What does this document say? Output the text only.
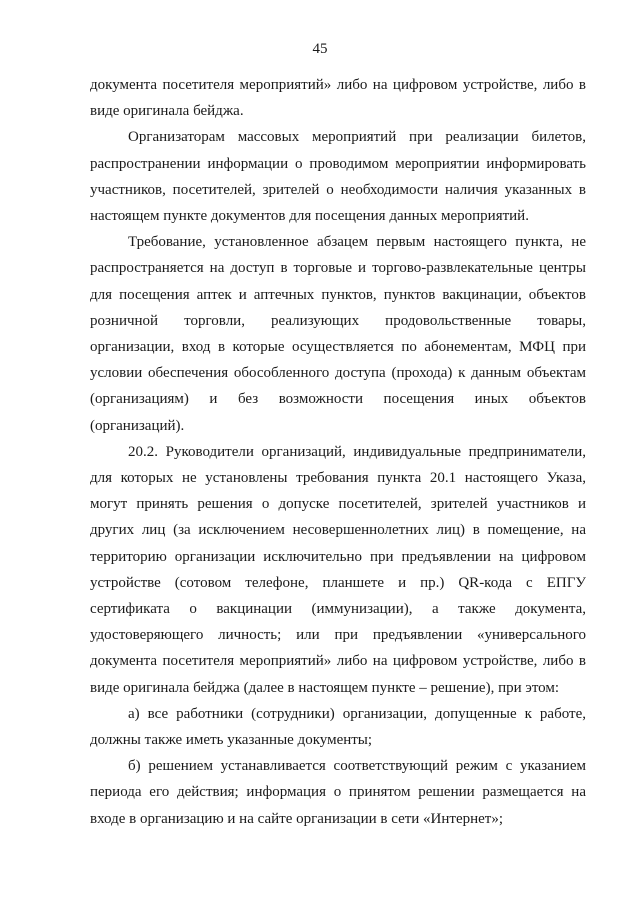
45

документа посетителя мероприятий» либо на цифровом устройстве, либо в
виде оригинала бейджа.

Организаторам массовых мероприятий при реализации билетов,
распространении информации о проводимом мероприятии информировать
участников, посетителей, зрителей о необходимости наличия указанных в
настоящем пункте документов для посещения данных мероприятий.

Требование, установленное абзацем первым настоящего пункта, не
распространяется на доступ в торговые и торгово-развлекательные центры
для посещения аптек и аптечных пунктов, пунктов вакцинации, объектов
розничной торговли, реализующих продовольственные товары,
организации, вход в которые осуществляется по абонементам, МФЦ при
условии обеспечения обособленного доступа (прохода) к данным объектам
(организациям) и без возможности посещения иных объектов
(организаций).

20.2. Руководители организаций, индивидуальные предприниматели,
для которых не установлены требования пункта 20.1 настоящего Указа,
могут принять решения о допуске посетителей, зрителей участников и
других лиц (за исключением несовершеннолетних лиц) в помещение, на
территорию организации исключительно при предъявлении на цифровом
устройстве (сотовом телефоне, планшете и пр.) QR-кода с ЕПГУ
сертификата о вакцинации (иммунизации), а также документа,
удостоверяющего личность; или при предъявлении «универсального
документа посетителя мероприятий» либо на цифровом устройстве, либо в
виде оригинала бейджа (далее в настоящем пункте – решение), при этом:

а) все работники (сотрудники) организации, допущенные к работе,
должны также иметь указанные документы;

б) решением устанавливается соответствующий режим с указанием
периода его действия; информация о принятом решении размещается на
входе в организацию и на сайте организации в сети «Интернет»;
